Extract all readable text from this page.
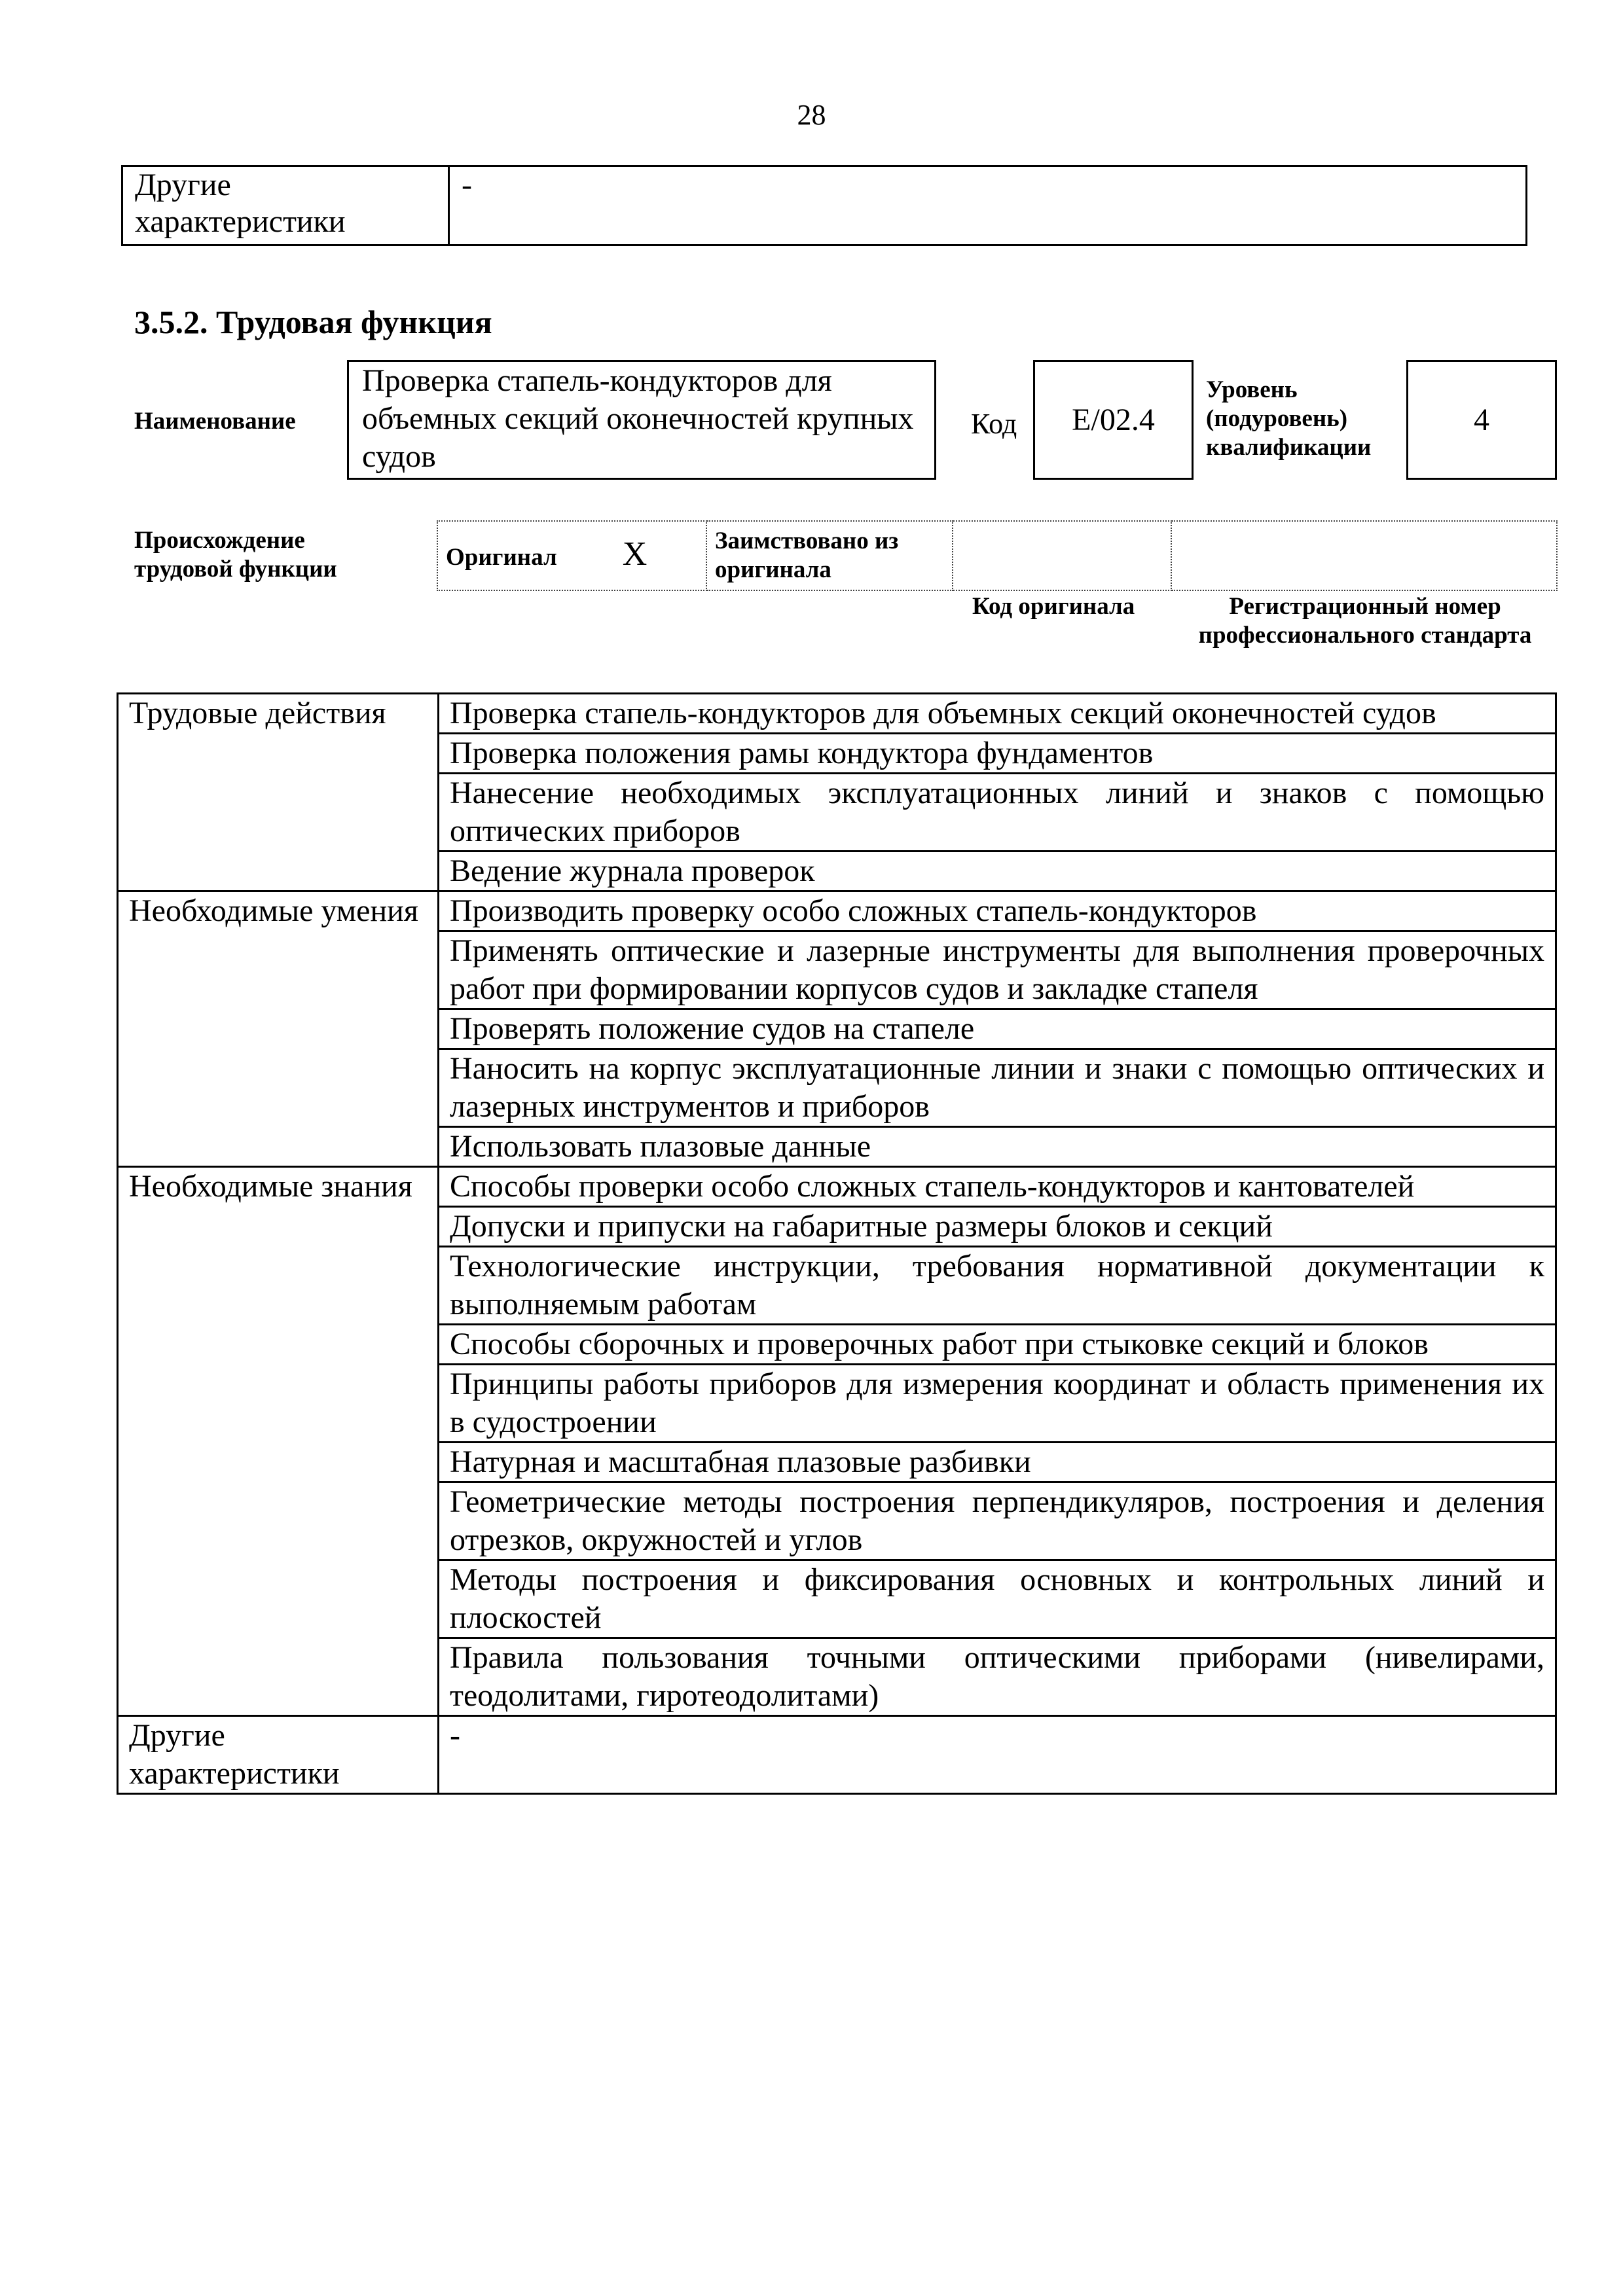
28
Другие характеристики	-
3.5.2. Трудовая функция
Наименование
Проверка стапель-кондукторов для объемных секций оконечностей крупных судов
Код E/02.4
Уровень (подуровень) квалификации
4
Происхождение трудовой функции	Оригинал X	Заимствовано из оригинала		
Код оригинала	Регистрационный номер профессионального стандарта
Трудовые действия	Проверка стапель-кондукторов для объемных секций оконечностей судов
	Проверка положения рамы кондуктора фундаментов
	Нанесение необходимых эксплуатационных линий и знаков с помощью оптических приборов
	Ведение журнала проверок
Необходимые умения	Производить проверку особо сложных стапель-кондукторов
	Применять оптические и лазерные инструменты для выполнения проверочных работ при формировании корпусов судов и закладке стапеля
	Проверять положение судов на стапеле
	Наносить на корпус эксплуатационные линии и знаки с помощью оптических и лазерных инструментов и приборов
	Использовать плазовые данные
Необходимые знания	Способы проверки особо сложных стапель-кондукторов и кантователей
	Допуски и припуски на габаритные размеры блоков и секций
	Технологические инструкции, требования нормативной документации к выполняемым работам
	Способы сборочных и проверочных работ при стыковке секций и блоков
	Принципы работы приборов для измерения координат и область применения их в судостроении
	Натурная и масштабная плазовые разбивки
	Геометрические методы построения перпендикуляров, построения и деления отрезков, окружностей и углов
	Методы построения и фиксирования основных и контрольных линий и плоскостей
	Правила пользования точными оптическими приборами (нивелирами, теодолитами, гиротеодолитами)
Другие характеристики	-
